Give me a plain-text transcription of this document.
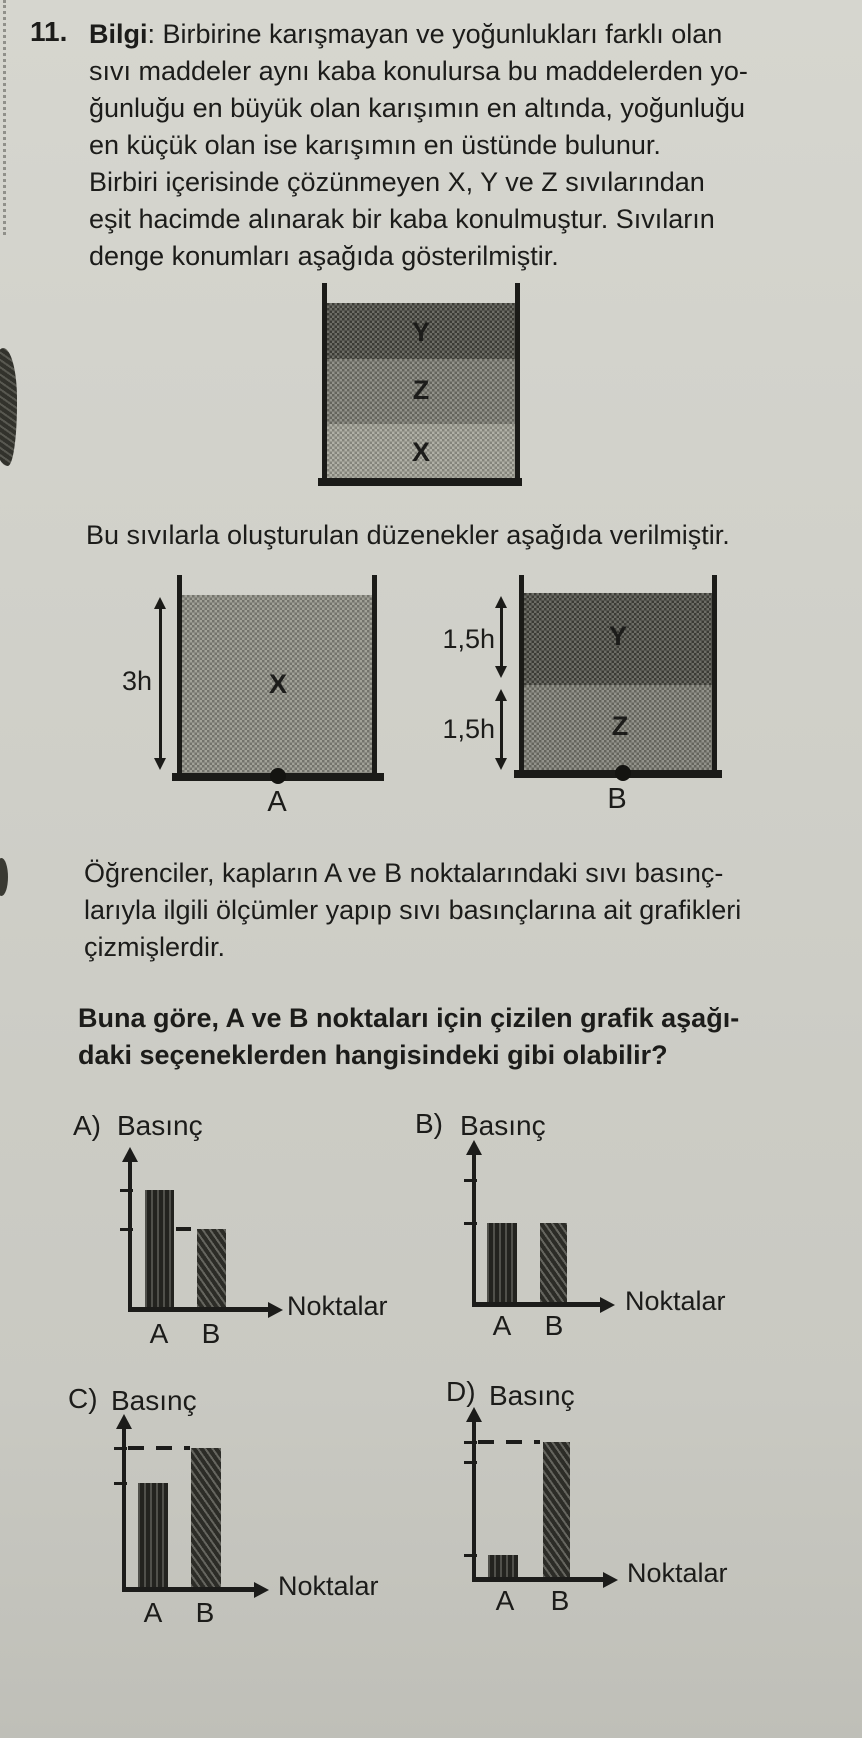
11. Bilgi: Birbirine karışmayan ve yoğunlukları farklı olan
sıvı maddeler aynı kaba konulursa bu maddelerden yo-
ğunluğu en büyük olan karışımın en altında, yoğunluğu
en küçük olan ise karışımın en üstünde bulunur.
Birbiri içerisinde çözünmeyen X, Y ve Z sıvılarından
eşit hacimde alınarak bir kaba konulmuştur. Sıvıların
denge konumları aşağıda gösterilmiştir.
Y
Z
X
Bu sıvılarla oluşturulan düzenekler aşağıda verilmiştir.
X
3h
A
Y
Z
1,5h
1,5h
B
Öğrenciler, kapların A ve B noktalarındaki sıvı basınç-
larıyla ilgili ölçümler yapıp sıvı basınçlarına ait grafikleri
çizmişlerdir.
Buna göre, A ve B noktaları için çizilen grafik aşağı-
daki seçeneklerden hangisindeki gibi olabilir?
A) Basınç
A B
Noktalar
B) Basınç
A B
Noktalar
C) Basınç
A B
Noktalar
D) Basınç
A B
Noktalar
